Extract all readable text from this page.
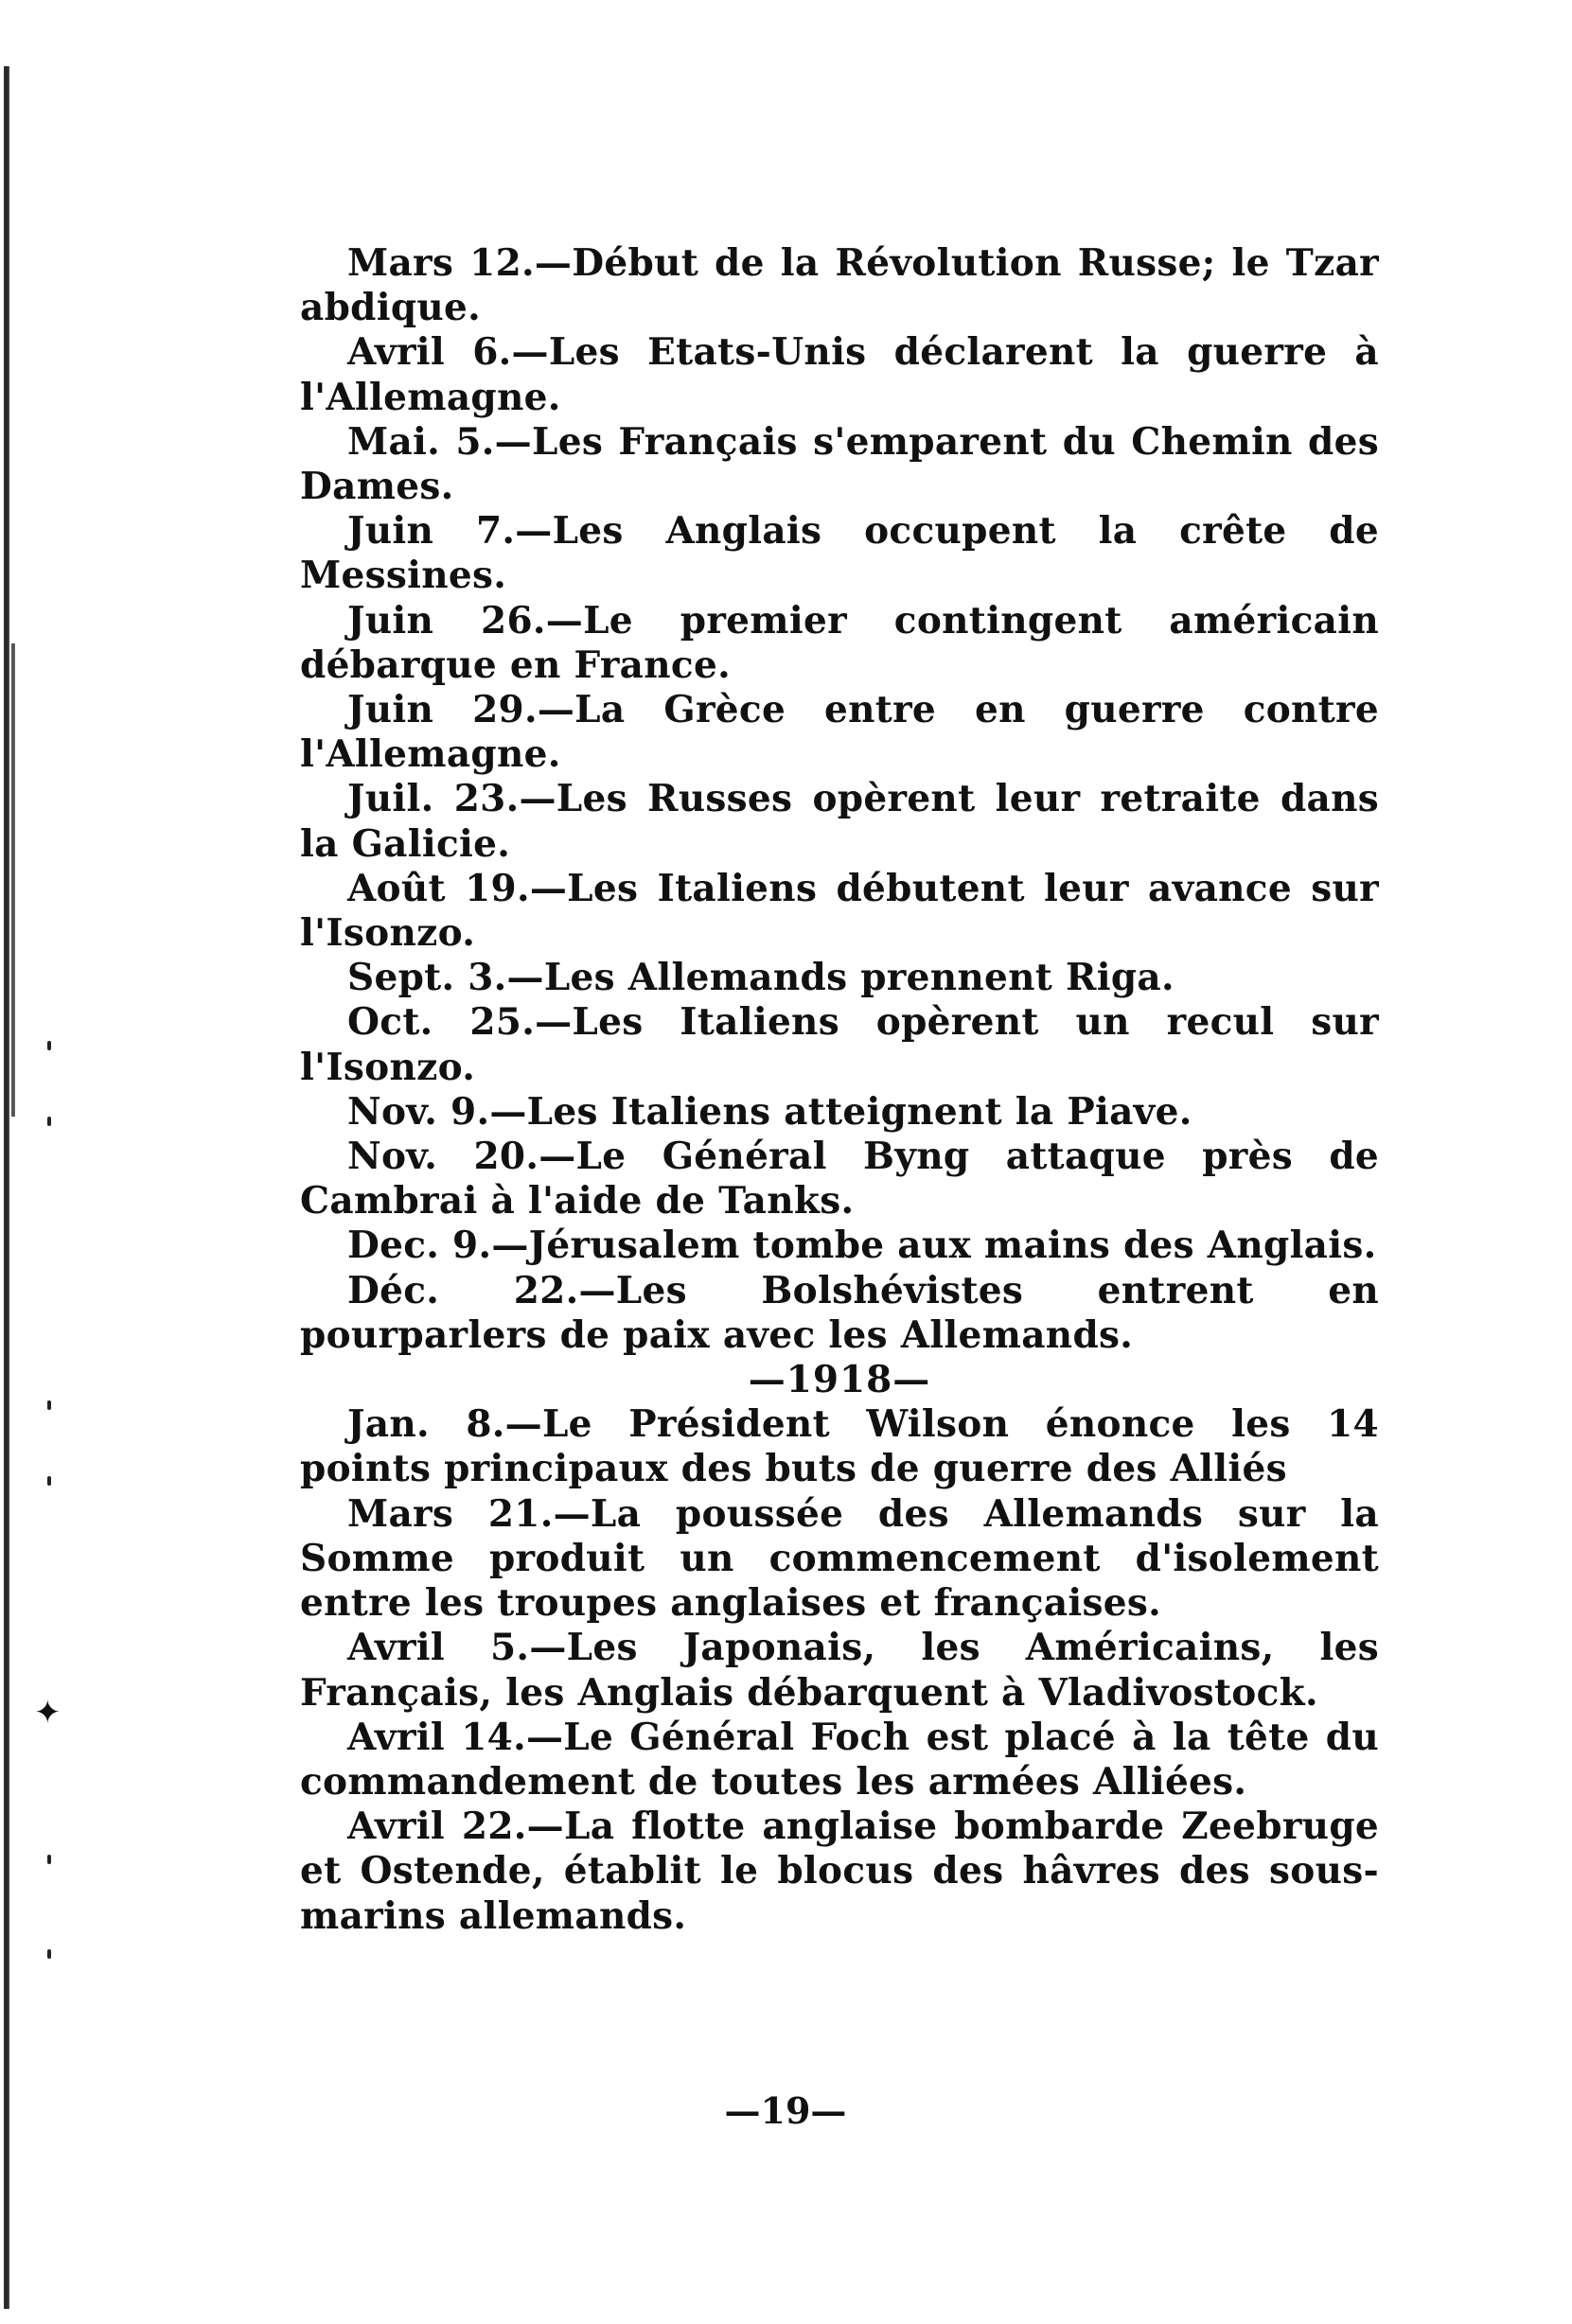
✦

Mars 12.—Début de la Révolution Russe; le Tzar abdique.

Avril 6.—Les Etats-Unis déclarent la guerre à l'Allemagne.

Mai. 5.—Les Français s'emparent du Chemin des Dames.

Juin 7.—Les Anglais occupent la crête de Messines.

Juin 26.—Le premier contingent américain débarque en France.

Juin 29.—La Grèce entre en guerre contre l'Allemagne.

Juil. 23.—Les Russes opèrent leur retraite dans la Galicie.

Août 19.—Les Italiens débutent leur avance sur l'Isonzo.

Sept. 3.—Les Allemands prennent Riga.

Oct. 25.—Les Italiens opèrent un recul sur l'Isonzo.

Nov. 9.—Les Italiens atteignent la Piave.

Nov. 20.—Le Général Byng attaque près de Cambrai à l'aide de Tanks.

Dec. 9.—Jérusalem tombe aux mains des Anglais.

Déc. 22.—Les Bolshévistes entrent en pourparlers de paix avec les Allemands.

—1918—

Jan. 8.—Le Président Wilson énonce les 14 points principaux des buts de guerre des Alliés

Mars 21.—La poussée des Allemands sur la Somme produit un commencement d'isolement entre les troupes anglaises et françaises.

Avril 5.—Les Japonais, les Américains, les Français, les Anglais débarquent à Vladivostock.

Avril 14.—Le Général Foch est placé à la tête du commandement de toutes les armées Alliées.

Avril 22.—La flotte anglaise bombarde Zeebruge et Ostende, établit le blocus des hâvres des sous-marins allemands.

—19—
